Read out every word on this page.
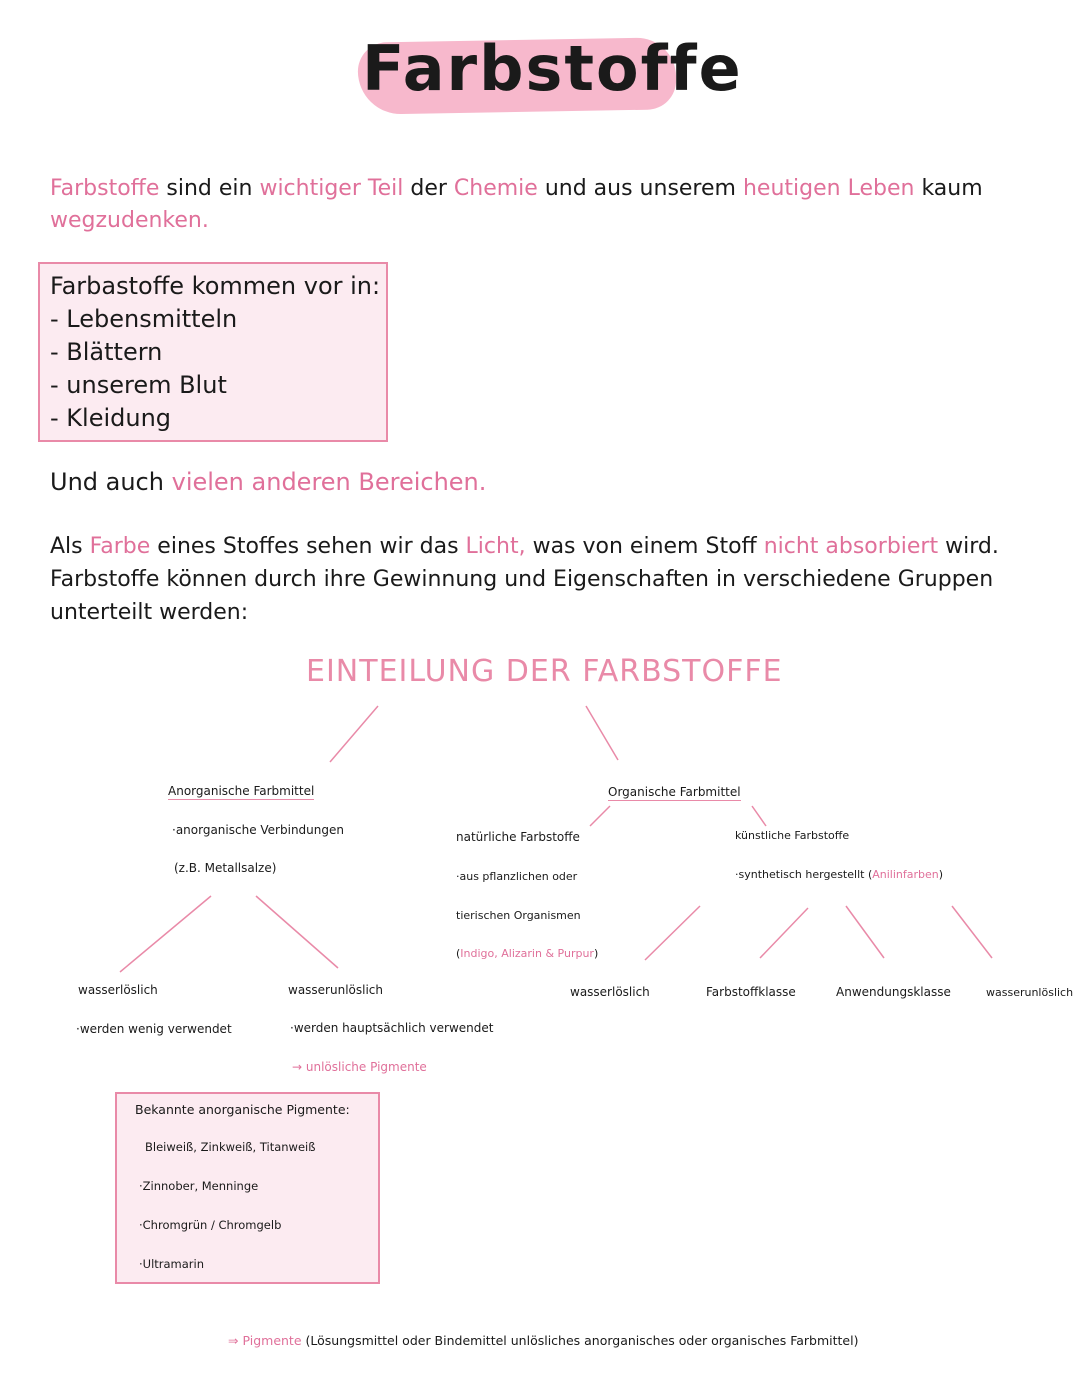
Farbstoffe
Farbstoffe sind ein wichtiger Teil der Chemie und aus unserem heutigen Leben kaum
wegzudenken.
Farbastoffe kommen vor in:
- Lebensmitteln
- Blättern
- unserem Blut
- Kleidung
Und auch vielen anderen Bereichen.
Als Farbe eines Stoffes sehen wir das Licht, was von einem Stoff nicht absorbiert wird.
Farbstoffe können durch ihre Gewinnung und Eigenschaften in verschiedene Gruppen
unterteilt werden:
EINTEILUNG DER FARBSTOFFE
Anorganische Farbmittel
·anorganische Verbindungen
(z.B. Metallsalze)
wasserlöslich
·werden wenig verwendet
wasserunlöslich
·werden hauptsächlich verwendet
→ unlösliche Pigmente
Organische Farbmittel
natürliche Farbstoffe
·aus pflanzlichen oder
tierischen Organismen
(Indigo, Alizarin & Purpur)
künstliche Farbstoffe
·synthetisch hergestellt (Anilinfarben)
wasserlöslich	Farbstoffklasse	Anwendungsklasse	wasserunlöslich
Bekannte anorganische Pigmente:
Bleiweiß, Zinkweiß, Titanweiß
·Zinnober, Menninge
·Chromgrün / Chromgelb
·Ultramarin
⇒ Pigmente (Lösungsmittel oder Bindemittel unlösliches anorganisches oder organisches Farbmittel)
